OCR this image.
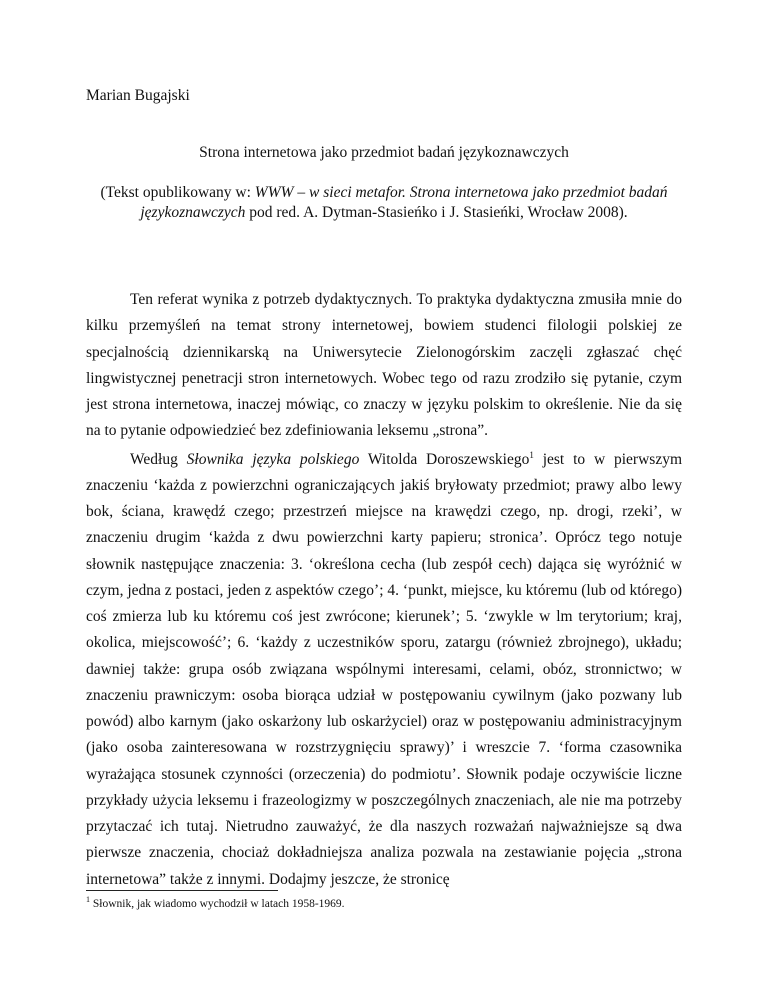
Marian Bugajski

Strona internetowa jako przedmiot badań językoznawczych

(Tekst opublikowany w: WWW – w sieci metafor. Strona internetowa jako przedmiot badań językoznawczych pod red. A. Dytman-Stasieńko i J. Stasieńki, Wrocław 2008).

Ten referat wynika z potrzeb dydaktycznych. To praktyka dydaktyczna zmusiła mnie do kilku przemyśleń na temat strony internetowej, bowiem studenci filologii polskiej ze specjalnością dziennikarską na Uniwersytecie Zielonogórskim zaczęli zgłaszać chęć lingwistycznej penetracji stron internetowych. Wobec tego od razu zrodziło się pytanie, czym jest strona internetowa, inaczej mówiąc, co znaczy w języku polskim to określenie. Nie da się na to pytanie odpowiedzieć bez zdefiniowania leksemu „strona”.

Według Słownika języka polskiego Witolda Doroszewskiego$^1$ jest to w pierwszym znaczeniu ‘każda z powierzchni ograniczających jakiś bryłowaty przedmiot; prawy albo lewy bok, ściana, krawędź czego; przestrzeń miejsce na krawędzi czego, np. drogi, rzeki’, w znaczeniu drugim ‘każda z dwu powierzchni karty papieru; stronica’. Oprócz tego notuje słownik następujące znaczenia: 3. ‘określona cecha (lub zespół cech) dająca się wyróżnić w czym, jedna z postaci, jeden z aspektów czego’; 4. ‘punkt, miejsce, ku któremu (lub od którego) coś zmierza lub ku któremu coś jest zwrócone; kierunek’; 5. ‘zwykle w lm terytorium; kraj, okolica, miejscowość’; 6. ‘każdy z uczestników sporu, zatargu (również zbrojnego), układu; dawniej także: grupa osób związana wspólnymi interesami, celami, obóz, stronnictwo; w znaczeniu prawniczym: osoba biorąca udział w postępowaniu cywilnym (jako pozwany lub powód) albo karnym (jako oskarżony lub oskarżyciel) oraz w postępowaniu administracyjnym (jako osoba zainteresowana w rozstrzygnięciu sprawy)’ i wreszcie 7. ‘forma czasownika wyrażająca stosunek czynności (orzeczenia) do podmiotu’. Słownik podaje oczywiście liczne przykłady użycia leksemu i frazeologizmy w poszczególnych znaczeniach, ale nie ma potrzeby przytaczać ich tutaj. Nietrudno zauważyć, że dla naszych rozważań najważniejsze są dwa pierwsze znaczenia, chociaż dokładniejsza analiza pozwala na zestawianie pojęcia „strona internetowa” także z innymi. Dodajmy jeszcze, że stronicę

$^1$ Słownik, jak wiadomo wychodził w latach 1958-1969.
